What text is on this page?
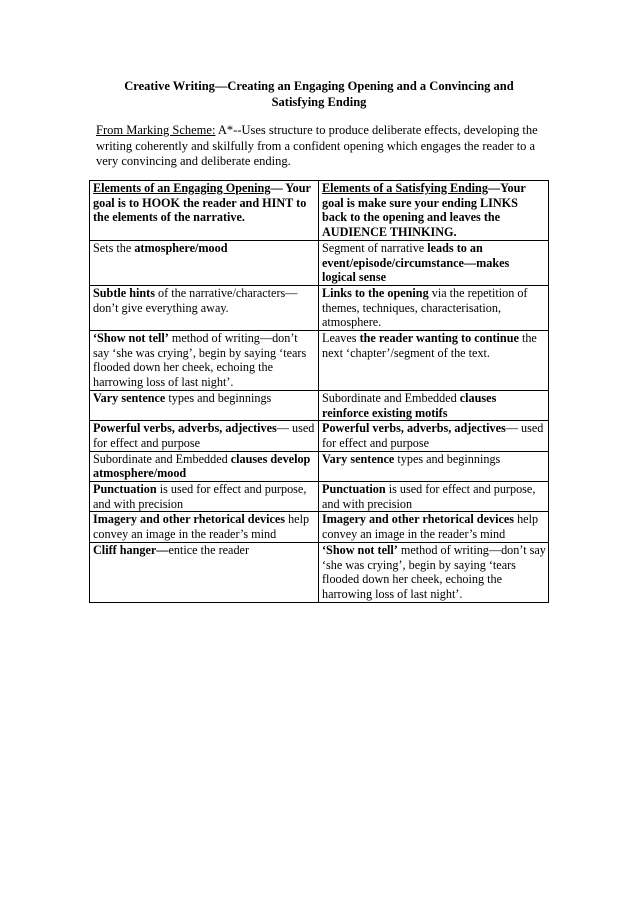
Creative Writing—Creating an Engaging Opening and a Convincing and Satisfying Ending
From Marking Scheme: A*--Uses structure to produce deliberate effects, developing the writing coherently and skilfully from a confident opening which engages the reader to a very convincing and deliberate ending.
Elements of an Engaging Opening— Your goal is to HOOK the reader and HINT to the elements of the narrative.	Elements of a Satisfying Ending—Your goal is make sure your ending LINKS back to the opening and leaves the AUDIENCE THINKING.
Sets the atmosphere/mood	Segment of narrative leads to an event/episode/circumstance—makes logical sense
Subtle hints of the narrative/characters—don’t give everything away.	Links to the opening via the repetition of themes, techniques, characterisation, atmosphere.
‘Show not tell’ method of writing—don’t say ‘she was crying’, begin by saying ‘tears flooded down her cheek, echoing the harrowing loss of last night’.	Leaves the reader wanting to continue the next ‘chapter’/segment of the text.
Vary sentence types and beginnings	Subordinate and Embedded clauses reinforce existing motifs
Powerful verbs, adverbs, adjectives— used for effect and purpose	Powerful verbs, adverbs, adjectives— used for effect and purpose
Subordinate and Embedded clauses develop atmosphere/mood	Vary sentence types and beginnings
Punctuation is used for effect and purpose, and with precision	Punctuation is used for effect and purpose, and with precision
Imagery and other rhetorical devices help convey an image in the reader’s mind	Imagery and other rhetorical devices help convey an image in the reader’s mind
Cliff hanger—entice the reader	‘Show not tell’ method of writing—don’t say ‘she was crying’, begin by saying ‘tears flooded down her cheek, echoing the harrowing loss of last night’.
